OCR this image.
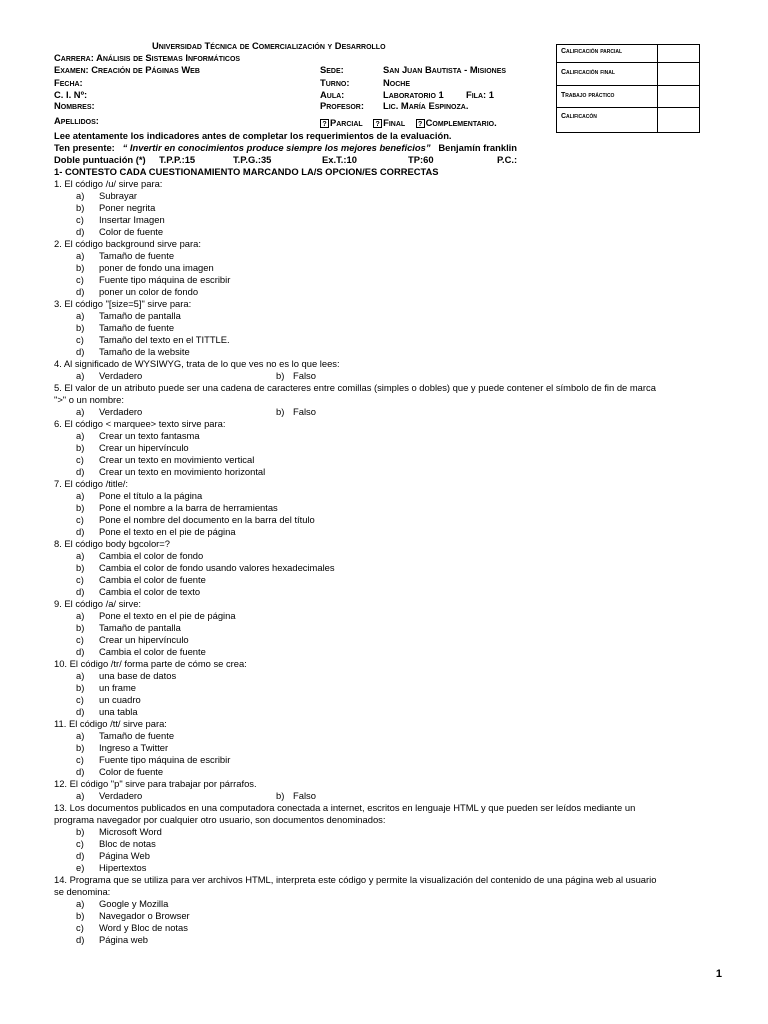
Universidad Técnica de Comercialización y Desarrollo
Carrera: Análisis de Sistemas Informáticos
Examen: Creación de Páginas Web
Fecha:
C. I. Nº:
Nombres:
Apellidos:
Sede:	San Juan Bautista - Misiones
Turno:	Noche
Aula:	Laboratorio 1 Fila: 1
Profesor: Lic. María Espinoza.
? Parcial ? Final ? Complementario.
Calificación parcial
Calificación final
Trabajo práctico
Calificacón
Lee atentamente los indicadores antes de completar los requerimientos de la evaluación.
Ten presente: “ Invertir en conocimientos produce siempre los mejores beneficios” Benjamín franklin
Doble puntuación (*) T.P.P.:15	T.P.G.:35	Ex.T.:10	TP:60	P.C.:
1- CONTESTO CADA CUESTIONAMIENTO MARCANDO LA/S OPCION/ES CORRECTAS
1. El código /u/ sirve para:
a) Subrayar
b) Poner negrita
c) Insertar Imagen
d) Color de fuente
2. El código background sirve para:
a) Tamaño de fuente
b) poner de fondo una imagen
c) Fuente tipo máquina de escribir
d) poner un color de fondo
3. El código "[size=5]" sirve para:
a) Tamaño de pantalla
b) Tamaño de fuente
c) Tamaño del texto en el TITTLE.
d) Tamaño de la website
4. Al significado de WYSIWYG, trata de lo que ves no es lo que lees:
a) Verdadero	b) Falso
5. El valor de un atributo puede ser una cadena de caracteres entre comillas (simples o dobles) que y puede contener el símbolo de fin de marca
">" o un nombre:
a) Verdadero	b) Falso
6. El código < marquee> texto sirve para:
a) Crear un texto fantasma
b) Crear un hipervínculo
c) Crear un texto en movimiento vertical
d) Crear un texto en movimiento horizontal
7. El código /title/:
a) Pone el título a la página
b) Pone el nombre a la barra de herramientas
c) Pone el nombre del documento en la barra del título
d) Pone el texto en el pie de página
8. El código body bgcolor=?
a) Cambia el color de fondo
b) Cambia el color de fondo usando valores hexadecimales
c) Cambia el color de fuente
d) Cambia el color de texto
9. El código /a/ sirve:
a) Pone el texto en el pie de página
b) Tamaño de pantalla
c) Crear un hipervínculo
d) Cambia el color de fuente
10. El código /tr/ forma parte de cómo se crea:
a) una base de datos
b) un frame
c) un cuadro
d) una tabla
11. El código /tt/ sirve para:
a) Tamaño de fuente
b) Ingreso a Twitter
c) Fuente tipo máquina de escribir
d) Color de fuente
12. El código "p" sirve para trabajar por párrafos.
a) Verdadero	b) Falso
13. Los documentos publicados en una computadora conectada a internet, escritos en lenguaje HTML y que pueden ser leídos mediante un
programa navegador por cualquier otro usuario, son documentos denominados:
b) Microsoft Word
c) Bloc de notas
d) Página Web
e) Hipertextos
14. Programa que se utiliza para ver archivos HTML, interpreta este código y permite la visualización del contenido de una página web al usuario
se denomina:
a) Google y Mozilla
b) Navegador o Browser
c) Word y Bloc de notas
d) Página web
1
